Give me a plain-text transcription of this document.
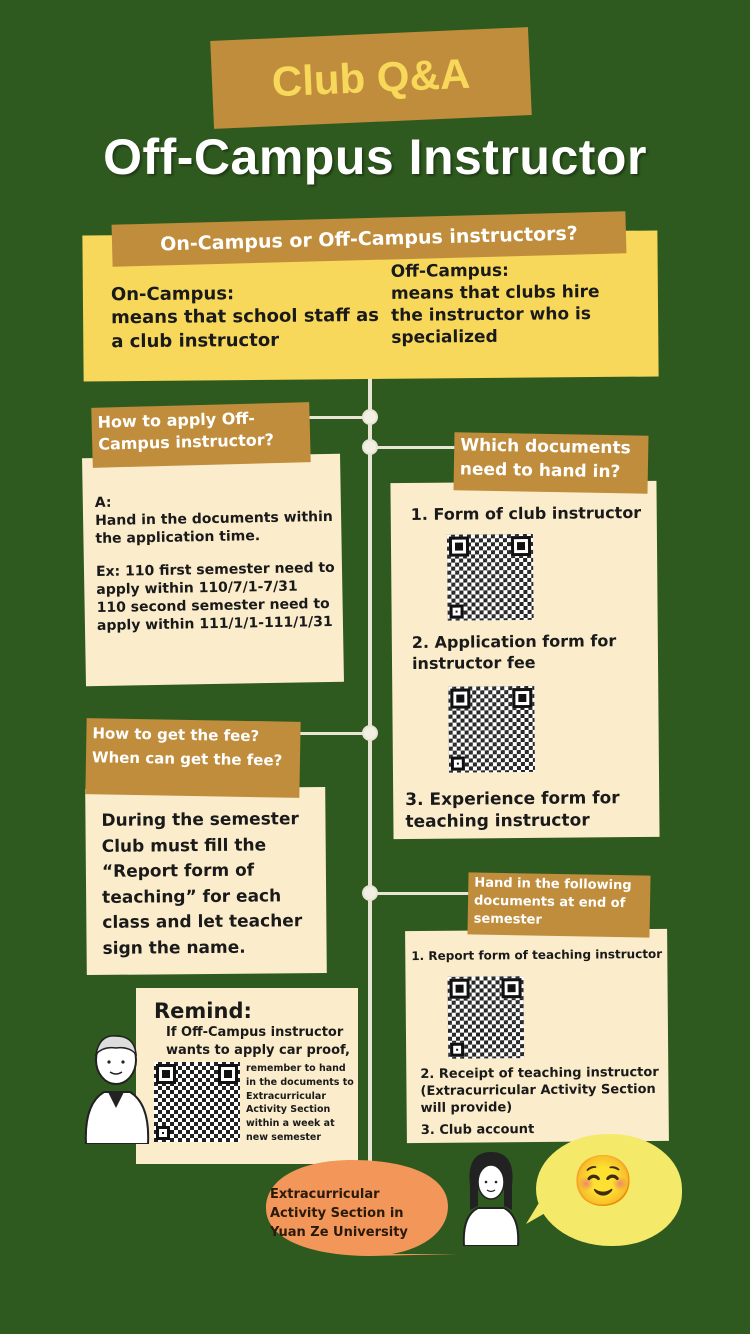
Club Q&A
Off-Campus Instructor

On-Campus:

means that school staff as a club instructor

Off-Campus:

means that clubs hire the instructor who is specialized

On-Campus or Off-Campus instructors?

A:

Hand in the documents within the application time.

Ex: 110 first semester need to apply within 110/7/1-7/31

110 second semester need to apply within 111/1/1-111/1/31

How to apply Off-Campus instructor?

1. Form of club instructor

2. Application form for instructor fee

3. Experience form for teaching instructor

Which documents need to hand in?

During the semester Club must fill the “Report form of teaching” for each class and let teacher sign the name.

How to get the fee?

When can get the fee?

1. Report form of teaching instructor

2. Receipt of teaching instructor (Extracurricular Activity Section will provide)

3. Club account

Hand in the following documents at end of semester

Remind:

If Off-Campus instructor wants to apply car proof,

remember to hand in the documents to Extracurricular Activity Section within a week at new semester

Extracurricular Activity Section in Yuan Ze University

☺️
